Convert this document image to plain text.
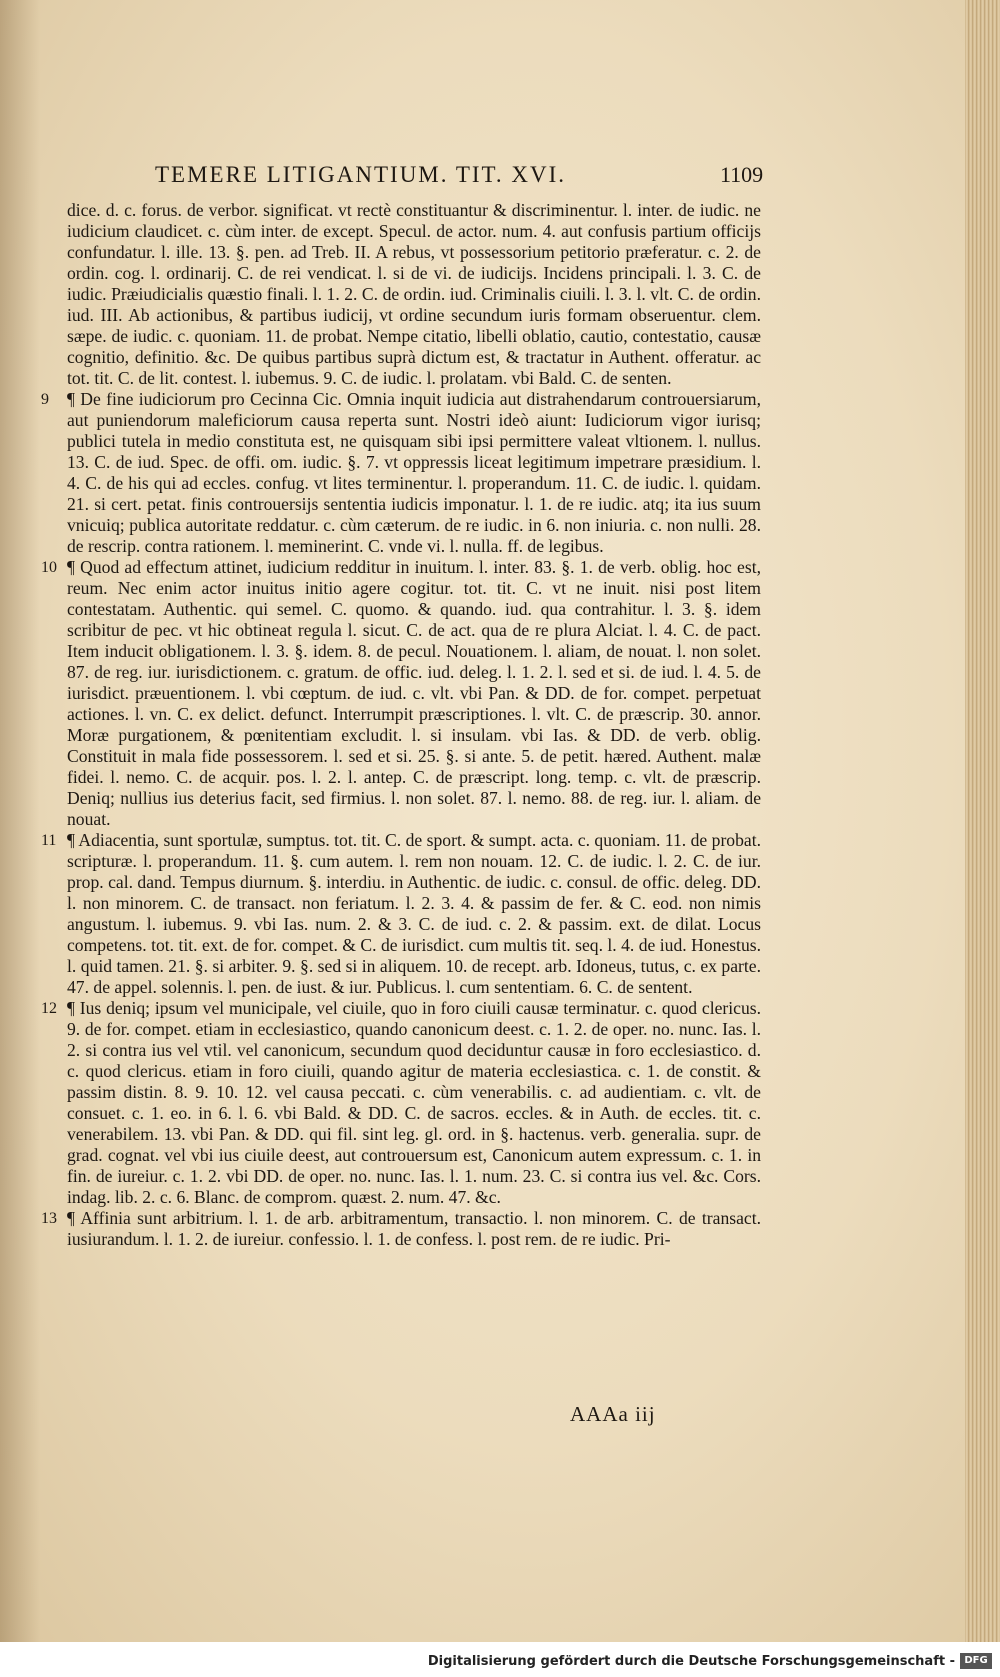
TEMERE LITIGANTIUM. TIT. XVI.	1109

dice. d. c. forus. de verbor. significat. vt rectè constituantur & discriminentur. l. inter. de iudic. ne iudicium claudicet. c. cùm inter. de except. Specul. de actor. num. 4. aut confusis partium officijs confundatur. l. ille. 13. §. pen. ad Treb. II. A rebus, vt possessorium petitorio præferatur. c. 2. de ordin. cog. l. ordinarij. C. de rei vendicat. l. si de vi. de iudicijs. Incidens principali. l. 3. C. de iudic. Præiudicialis quæstio finali. l. 1. 2. C. de ordin. iud. Criminalis ciuili. l. 3. l. vlt. C. de ordin. iud. III. Ab actionibus, & partibus iudicij, vt ordine secundum iuris formam obseruentur. clem. sæpe. de iudic. c. quoniam. 11. de probat. Nempe citatio, libelli oblatio, cautio, contestatio, causæ cognitio, definitio. &c. De quibus partibus suprà dictum est, & tractatur in Authent. offeratur. ac tot. tit. C. de lit. contest. l. iubemus. 9. C. de iudic. l. prolatam. vbi Bald. C. de senten.

9 ¶ De fine iudiciorum pro Cecinna Cic. Omnia inquit iudicia aut distrahendarum controuersiarum, aut puniendorum maleficiorum causa reperta sunt. Nostri ideò aiunt: Iudiciorum vigor iurisq; publici tutela in medio constituta est, ne quisquam sibi ipsi permittere valeat vltionem. l. nullus. 13. C. de iud. Spec. de offi. om. iudic. §. 7. vt oppressis liceat legitimum impetrare præsidium. l. 4. C. de his qui ad eccles. confug. vt lites terminentur. l. properandum. 11. C. de iudic. l. quidam. 21. si cert. petat. finis controuersijs sententia iudicis imponatur. l. 1. de re iudic. atq; ita ius suum vnicuiq; publica autoritate reddatur. c. cùm cæterum. de re iudic. in 6. non iniuria. c. non nulli. 28. de rescrip. contra rationem. l. meminerint. C. vnde vi. l. nulla. ff. de legibus.

10 ¶ Quod ad effectum attinet, iudicium redditur in inuitum. l. inter. 83. §. 1. de verb. oblig. hoc est, reum. Nec enim actor inuitus initio agere cogitur. tot. tit. C. vt ne inuit. nisi post litem contestatam. Authentic. qui semel. C. quomo. & quando. iud. qua contrahitur. l. 3. §. idem scribitur de pec. vt hic obtineat regula l. sicut. C. de act. qua de re plura Alciat. l. 4. C. de pact. Item inducit obligationem. l. 3. §. idem. 8. de pecul. Nouationem. l. aliam, de nouat. l. non solet. 87. de reg. iur. iurisdictionem. c. gratum. de offic. iud. deleg. l. 1. 2. l. sed et si. de iud. l. 4. 5. de iurisdict. præuentionem. l. vbi cœptum. de iud. c. vlt. vbi Pan. & DD. de for. compet. perpetuat actiones. l. vn. C. ex delict. defunct. Interrumpit præscriptiones. l. vlt. C. de præscrip. 30. annor. Moræ purgationem, & pœnitentiam excludit. l. si insulam. vbi Ias. & DD. de verb. oblig. Constituit in mala fide possessorem. l. sed et si. 25. §. si ante. 5. de petit. hæred. Authent. malæ fidei. l. nemo. C. de acquir. pos. l. 2. l. antep. C. de præscript. long. temp. c. vlt. de præscrip. Deniq; nullius ius deterius facit, sed firmius. l. non solet. 87. l. nemo. 88. de reg. iur. l. aliam. de nouat.

11 ¶ Adiacentia, sunt sportulæ, sumptus. tot. tit. C. de sport. & sumpt. acta. c. quoniam. 11. de probat. scripturæ. l. properandum. 11. §. cum autem. l. rem non nouam. 12. C. de iudic. l. 2. C. de iur. prop. cal. dand. Tempus diurnum. §. interdiu. in Authentic. de iudic. c. consul. de offic. deleg. DD. l. non minorem. C. de transact. non feriatum. l. 2. 3. 4. & passim de fer. & C. eod. non nimis angustum. l. iubemus. 9. vbi Ias. num. 2. & 3. C. de iud. c. 2. & passim. ext. de dilat. Locus competens. tot. tit. ext. de for. compet. & C. de iurisdict. cum multis tit. seq. l. 4. de iud. Honestus. l. quid tamen. 21. §. si arbiter. 9. §. sed si in aliquem. 10. de recept. arb. Idoneus, tutus, c. ex parte. 47. de appel. solennis. l. pen. de iust. & iur. Publicus. l. cum sententiam. 6. C. de sentent.

12 ¶ Ius deniq; ipsum vel municipale, vel ciuile, quo in foro ciuili causæ terminatur. c. quod clericus. 9. de for. compet. etiam in ecclesiastico, quando canonicum deest. c. 1. 2. de oper. no. nunc. Ias. l. 2. si contra ius vel vtil. vel canonicum, secundum quod deciduntur causæ in foro ecclesiastico. d. c. quod clericus. etiam in foro ciuili, quando agitur de materia ecclesiastica. c. 1. de constit. & passim distin. 8. 9. 10. 12. vel causa peccati. c. cùm venerabilis. c. ad audientiam. c. vlt. de consuet. c. 1. eo. in 6. l. 6. vbi Bald. & DD. C. de sacros. eccles. & in Auth. de eccles. tit. c. venerabilem. 13. vbi Pan. & DD. qui fil. sint leg. gl. ord. in §. hactenus. verb. generalia. supr. de grad. cognat. vel vbi ius ciuile deest, aut controuersum est, Canonicum autem expressum. c. 1. in fin. de iureiur. c. 1. 2. vbi DD. de oper. no. nunc. Ias. l. 1. num. 23. C. si contra ius vel. &c. Cors. indag. lib. 2. c. 6. Blanc. de comprom. quæst. 2. num. 47. &c.

13 ¶ Affinia sunt arbitrium. l. 1. de arb. arbitramentum, transactio. l. non minorem. C. de transact. iusiurandum. l. 1. 2. de iureiur. confessio. l. 1. de confess. l. post rem. de re iudic. Pri-

AAAa iij
Digitalisierung gefördert durch die Deutsche Forschungsgemeinschaft - DFG
